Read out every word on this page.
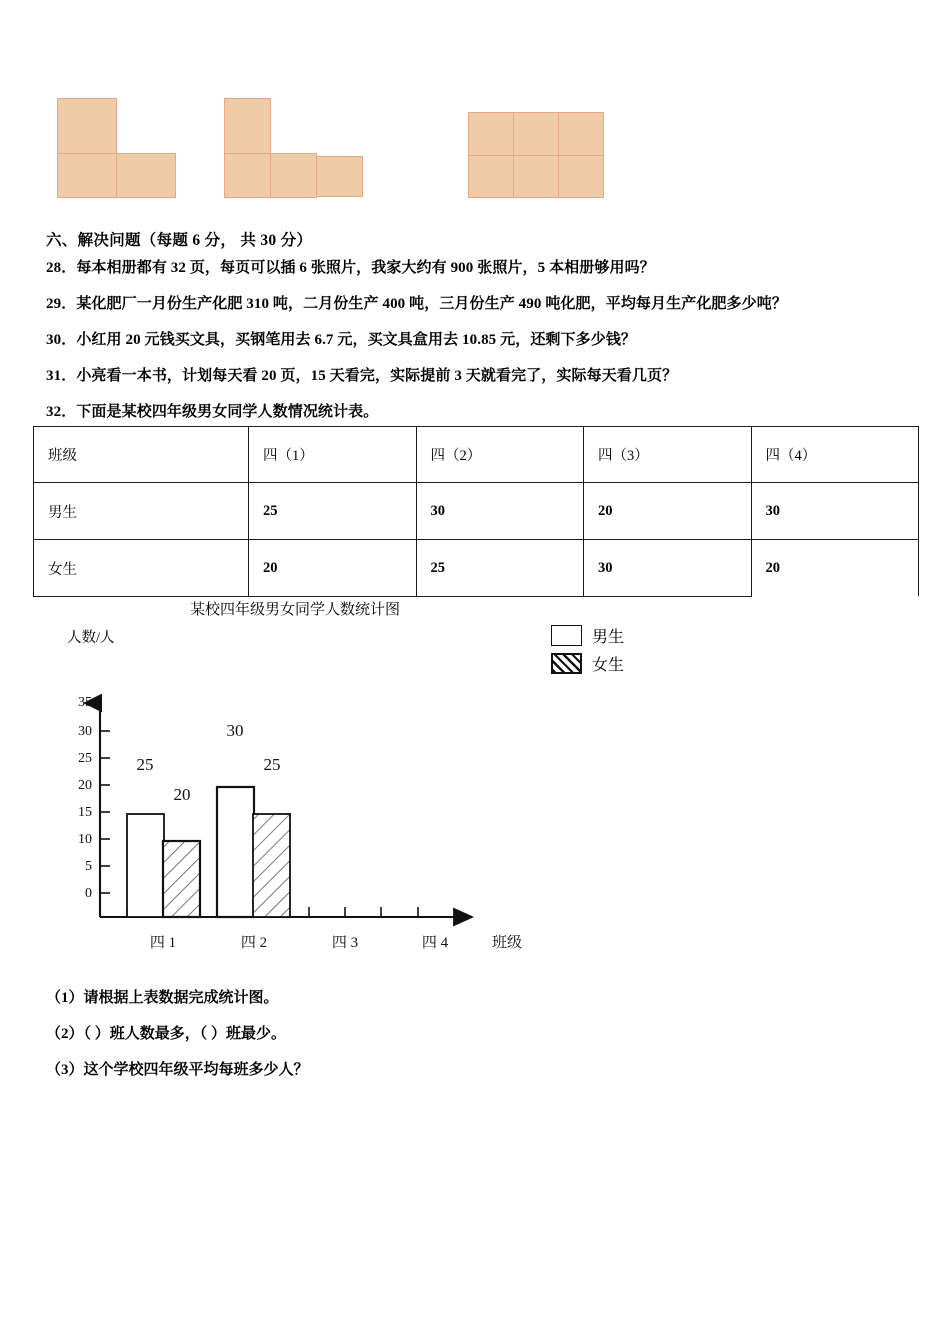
六、解决问题（每题 6 分， 共 30 分）
28．每本相册都有 32 页，每页可以插 6 张照片，我家大约有 900 张照片，5 本相册够用吗？
29．某化肥厂一月份生产化肥 310 吨，二月份生产 400 吨，三月份生产 490 吨化肥，平均每月生产化肥多少吨？
30．小红用 20 元钱买文具，买钢笔用去 6.7 元，买文具盒用去 10.85 元，还剩下多少钱？
31．小亮看一本书，计划每天看 20 页，15 天看完，实际提前 3 天就看完了，实际每天看几页？
32．下面是某校四年级男女同学人数情况统计表。
班级	四（1）	四（2）	四（3）	四（4）
男生	25	30	20	30
女生	20	25	30	20
某校四年级男女同学人数统计图
人数/人	男生
女生
35
30
25
20
15
10
5
0
25
20
30
25
四 1	四 2	四 3	四 4	班级
（1）请根据上表数据完成统计图。
（2）（ ）班人数最多，（ ）班最少。
（3）这个学校四年级平均每班多少人？
